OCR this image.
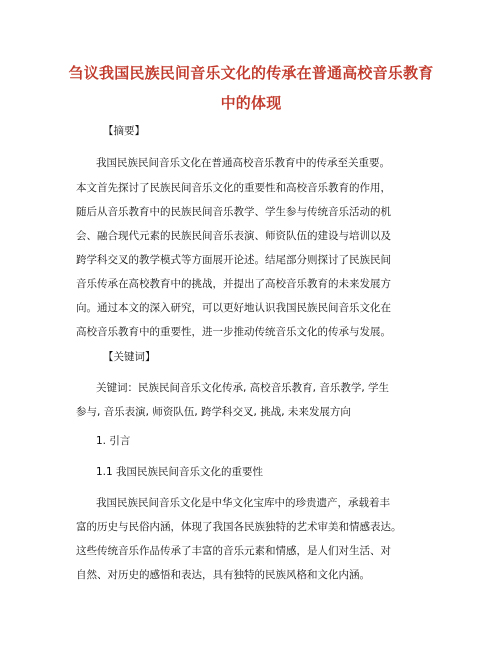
刍议我国民族民间音乐文化的传承在普通高校音乐教育
中的体现
【摘要】
我国民族民间音乐文化在普通高校音乐教育中的传承至关重要。
本文首先探讨了民族民间音乐文化的重要性和高校音乐教育的作用，
随后从音乐教育中的民族民间音乐教学、学生参与传统音乐活动的机
会、融合现代元素的民族民间音乐表演、师资队伍的建设与培训以及
跨学科交叉的教学模式等方面展开论述。结尾部分则探讨了民族民间
音乐传承在高校教育中的挑战，并提出了高校音乐教育的未来发展方
向。通过本文的深入研究，可以更好地认识我国民族民间音乐文化在
高校音乐教育中的重要性，进一步推动传统音乐文化的传承与发展。
【关键词】
关键词：民族民间音乐文化传承, 高校音乐教育, 音乐教学, 学生
参与, 音乐表演, 师资队伍, 跨学科交叉, 挑战, 未来发展方向
1. 引言
1.1 我国民族民间音乐文化的重要性
我国民族民间音乐文化是中华文化宝库中的珍贵遗产，承载着丰
富的历史与民俗内涵，体现了我国各民族独特的艺术审美和情感表达。
这些传统音乐作品传承了丰富的音乐元素和情感，是人们对生活、对
自然、对历史的感悟和表达，具有独特的民族风格和文化内涵。
